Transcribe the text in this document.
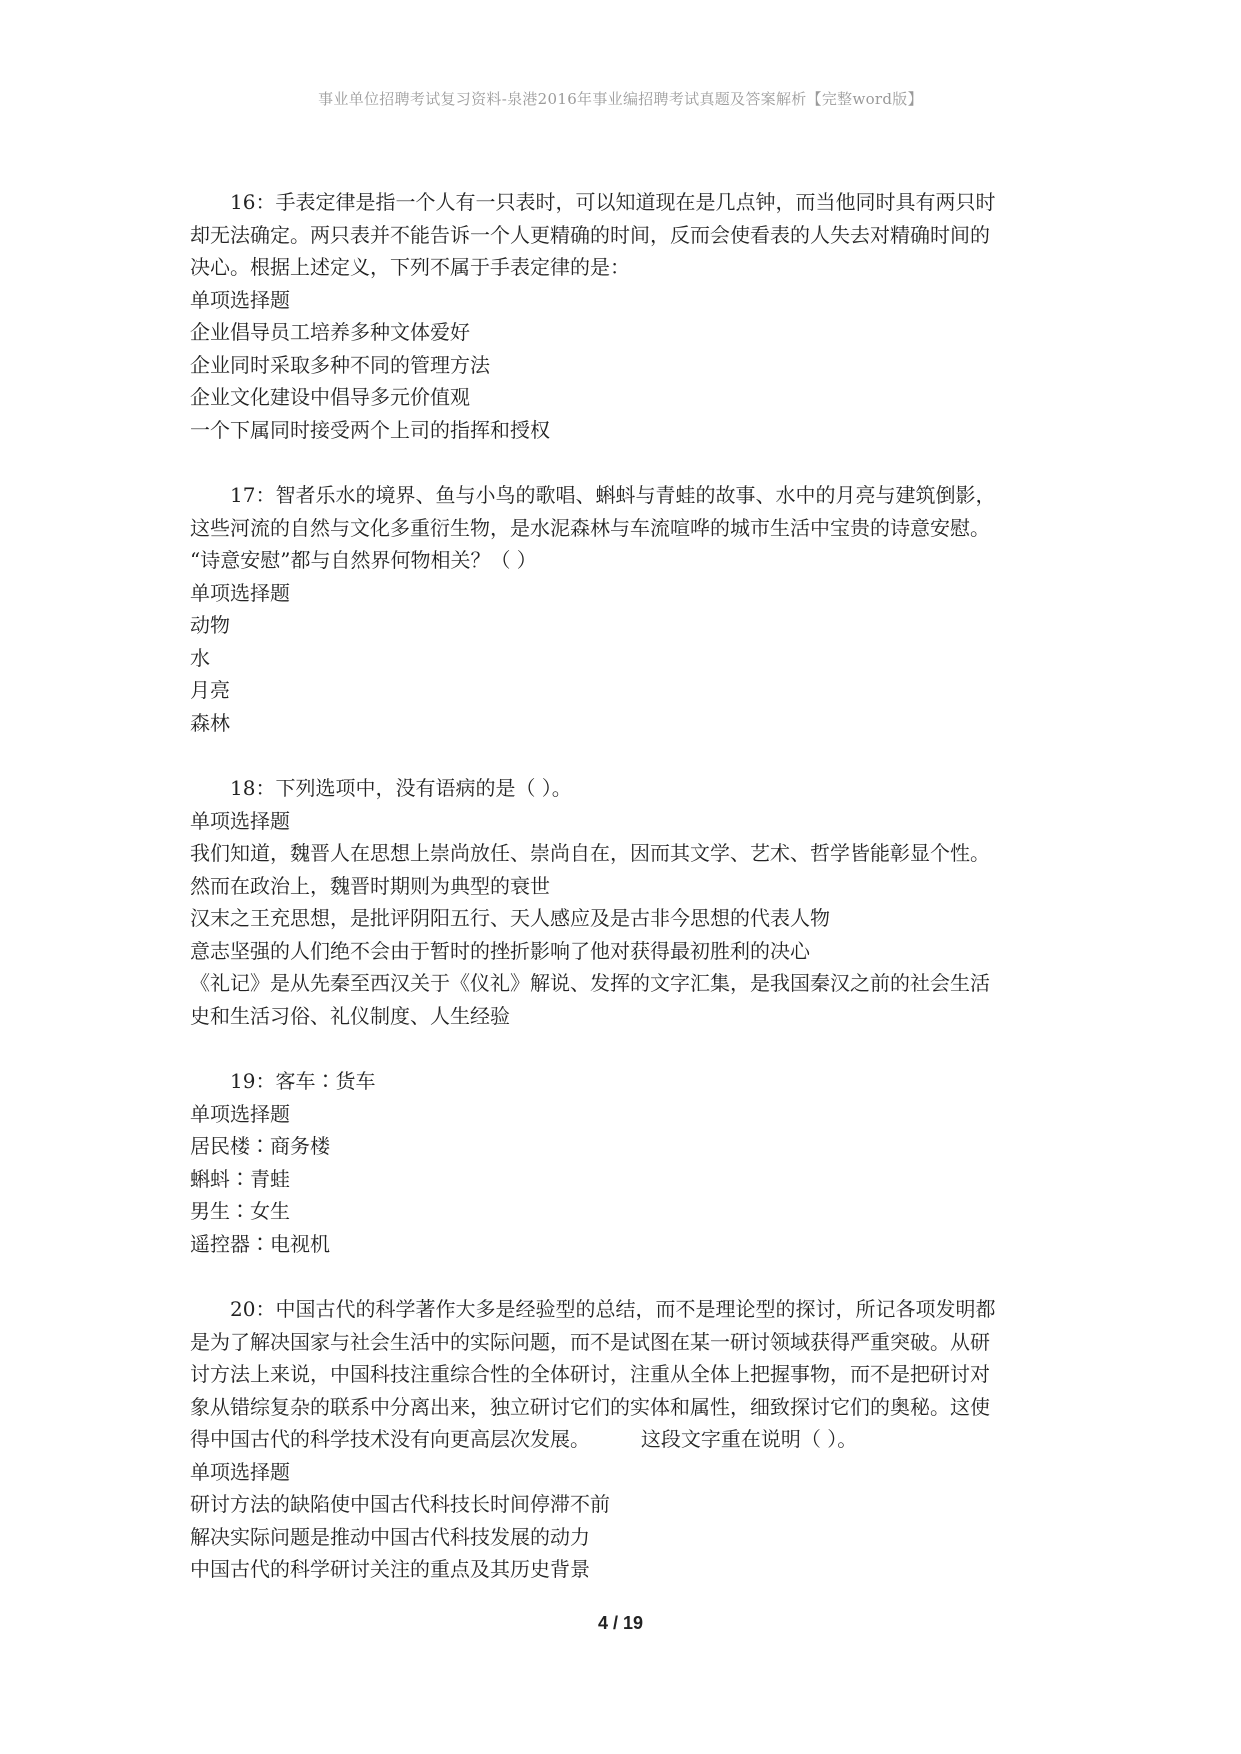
事业单位招聘考试复习资料-泉港2016年事业编招聘考试真题及答案解析【完整word版】
16：手表定律是指一个人有一只表时，可以知道现在是几点钟，而当他同时具有两只时
却无法确定。两只表并不能告诉一个人更精确的时间，反而会使看表的人失去对精确时间的
决心。根据上述定义，下列不属于手表定律的是：
单项选择题
企业倡导员工培养多种文体爱好
企业同时采取多种不同的管理方法
企业文化建设中倡导多元价值观
一个下属同时接受两个上司的指挥和授权
17：智者乐水的境界、鱼与小鸟的歌唱、蝌蚪与青蛙的故事、水中的月亮与建筑倒影，
这些河流的自然与文化多重衍生物，是水泥森林与车流喧哗的城市生活中宝贵的诗意安慰。
“诗意安慰”都与自然界何物相关？（ ）
单项选择题
动物
水
月亮
森林
18：下列选项中，没有语病的是（ ）。
单项选择题
我们知道，魏晋人在思想上崇尚放任、崇尚自在，因而其文学、艺术、哲学皆能彰显个性。
然而在政治上，魏晋时期则为典型的衰世
汉末之王充思想，是批评阴阳五行、天人感应及是古非今思想的代表人物
意志坚强的人们绝不会由于暂时的挫折影响了他对获得最初胜利的决心
《礼记》是从先秦至西汉关于《仪礼》解说、发挥的文字汇集，是我国秦汉之前的社会生活
史和生活习俗、礼仪制度、人生经验
19：客车∶货车
单项选择题
居民楼∶商务楼
蝌蚪∶青蛙
男生∶女生
遥控器∶电视机
20：中国古代的科学著作大多是经验型的总结，而不是理论型的探讨，所记各项发明都
是为了解决国家与社会生活中的实际问题，而不是试图在某一研讨领域获得严重突破。从研
讨方法上来说，中国科技注重综合性的全体研讨，注重从全体上把握事物，而不是把研讨对
象从错综复杂的联系中分离出来，独立研讨它们的实体和属性，细致探讨它们的奥秘。这使
得中国古代的科学技术没有向更高层次发展。        这段文字重在说明（ ）。
单项选择题
研讨方法的缺陷使中国古代科技长时间停滞不前
解决实际问题是推动中国古代科技发展的动力
中国古代的科学研讨关注的重点及其历史背景
4 / 19
